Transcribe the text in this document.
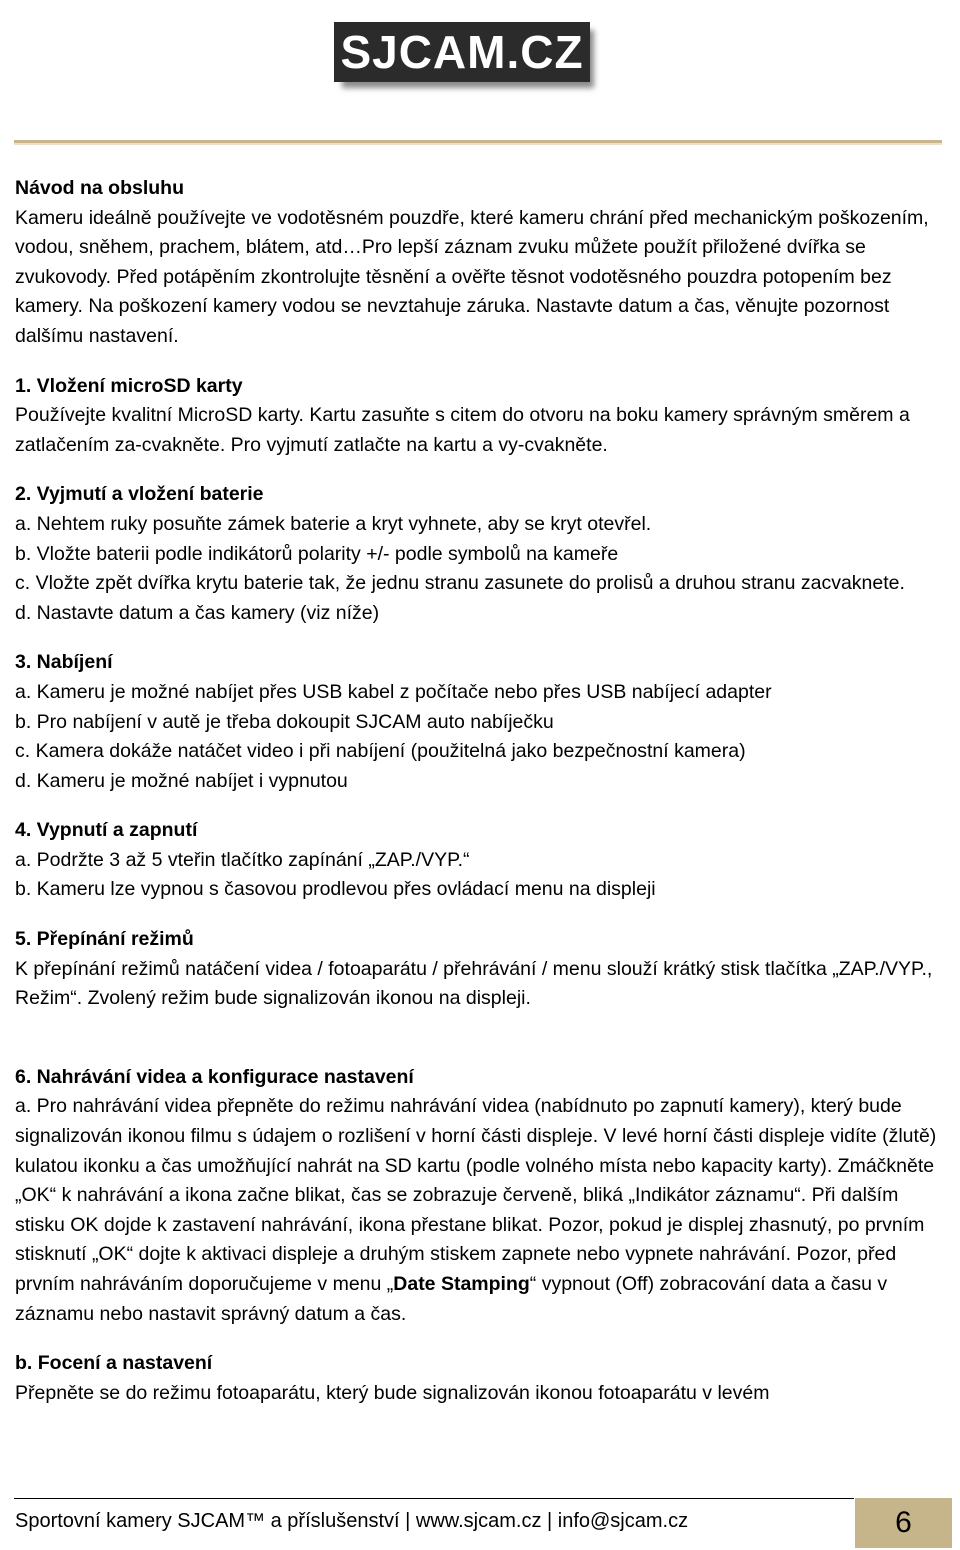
SJCAM.CZ
Návod na obsluhu

Kameru ideálně používejte ve vodotěsném pouzdře, které kameru chrání před mechanickým poškozením, vodou, sněhem, prachem, blátem, atd…Pro lepší záznam zvuku můžete použít přiložené dvířka se zvukovody. Před potápěním zkontrolujte těsnění a ověřte těsnot vodotěsného pouzdra potopením bez kamery. Na poškození kamery vodou se nevztahuje záruka. Nastavte datum a čas, věnujte pozornost dalšímu nastavení.

1. Vložení microSD karty

Používejte kvalitní MicroSD karty. Kartu zasuňte s citem do otvoru na boku kamery správným směrem a zatlačením za-cvakněte. Pro vyjmutí zatlačte na kartu a vy-cvakněte.

2. Vyjmutí a vložení baterie

a. Nehtem ruky posuňte zámek baterie a kryt vyhnete, aby se kryt otevřel.

b. Vložte baterii podle indikátorů polarity +/- podle symbolů na kameře

c. Vložte zpět dvířka krytu baterie tak, že jednu stranu zasunete do prolisů a druhou stranu zacvaknete.

d. Nastavte datum a čas kamery (viz níže)

3. Nabíjení

a. Kameru je možné nabíjet přes USB kabel z počítače nebo přes USB nabíjecí adapter

b. Pro nabíjení v autě je třeba dokoupit SJCAM auto nabíječku

c. Kamera dokáže natáčet video i při nabíjení (použitelná jako bezpečnostní kamera)

d. Kameru je možné nabíjet i vypnutou

4. Vypnutí a zapnutí

a. Podržte 3 až 5 vteřin tlačítko zapínání „ZAP./VYP.“

b. Kameru lze vypnou s časovou prodlevou přes ovládací menu na displeji

5. Přepínání režimů

K přepínání režimů natáčení videa / fotoaparátu / přehrávání / menu slouží krátký stisk tlačítka „ZAP./VYP., Režim“. Zvolený režim bude signalizován ikonou na displeji.

6. Nahrávání videa a konfigurace nastavení

a. Pro nahrávání videa přepněte do režimu nahrávání videa (nabídnuto po zapnutí kamery), který bude signalizován ikonou filmu s údajem o rozlišení v horní části displeje. V levé horní části displeje vidíte (žlutě) kulatou ikonku a čas umožňující nahrát na SD kartu (podle volného místa nebo kapacity karty). Zmáčkněte „OK“ k nahrávání a ikona začne blikat, čas se zobrazuje červeně, bliká „Indikátor záznamu“. Při dalším stisku OK dojde k zastavení nahrávání, ikona přestane blikat. Pozor, pokud je displej zhasnutý, po prvním stisknutí „OK“ dojte k aktivaci displeje a druhým stiskem zapnete nebo vypnete nahrávání. Pozor, před prvním nahráváním doporučujeme v menu „Date Stamping“ vypnout (Off) zobracování data a času v záznamu nebo nastavit správný datum a čas.

b. Focení a nastavení

Přepněte se do režimu fotoaparátu, který bude signalizován ikonou fotoaparátu v levém

Sportovní kamery SJCAM™ a příslušenství | www.sjcam.cz | info@sjcam.cz	6
